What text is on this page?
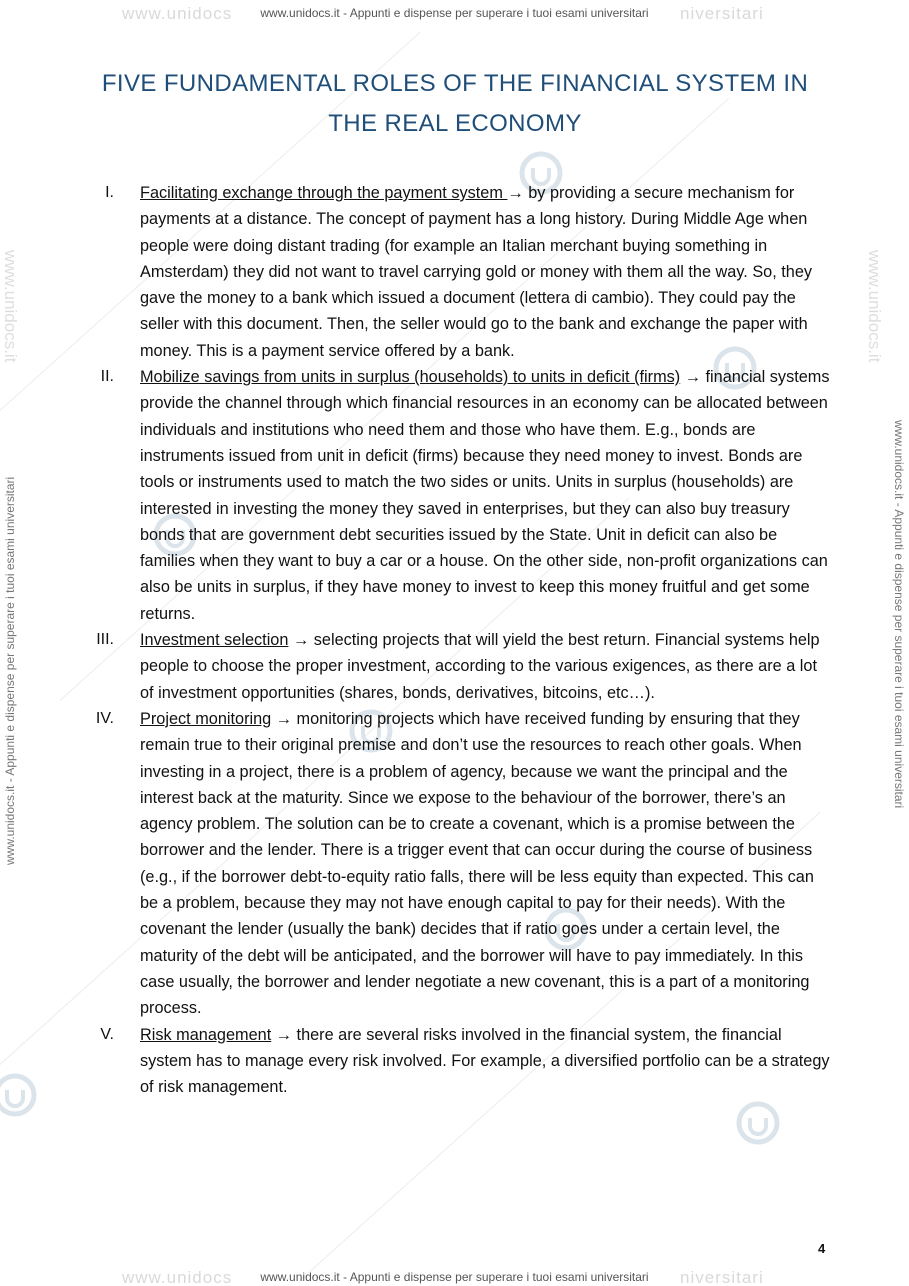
www.unidocs	niversitari
www.unidocs.it - Appunti e dispense per superare i tuoi esami universitari
www.unidocs.it - Appunti e dispense per superare i tuoi esami universitari	www.unidocs.it - Appunti e dispense per superare i tuoi esami universitari
www.unidocs.it	www.unidocs.it
FIVE FUNDAMENTAL ROLES OF THE FINANCIAL SYSTEM IN THE REAL ECONOMY
I. Facilitating exchange through the payment system → by providing a secure mechanism for payments at a distance. The concept of payment has a long history. During Middle Age when people were doing distant trading (for example an Italian merchant buying something in Amsterdam) they did not want to travel carrying gold or money with them all the way. So, they gave the money to a bank which issued a document (lettera di cambio). They could pay the seller with this document. Then, the seller would go to the bank and exchange the paper with money. This is a payment service offered by a bank.
II. Mobilize savings from units in surplus (households) to units in deficit (firms) → financial systems provide the channel through which financial resources in an economy can be allocated between individuals and institutions who need them and those who have them. E.g., bonds are instruments issued from unit in deficit (firms) because they need money to invest. Bonds are tools or instruments used to match the two sides or units. Units in surplus (households) are interested in investing the money they saved in enterprises, but they can also buy treasury bonds that are government debt securities issued by the State. Unit in deficit can also be families when they want to buy a car or a house. On the other side, non-profit organizations can also be units in surplus, if they have money to invest to keep this money fruitful and get some returns.
III. Investment selection → selecting projects that will yield the best return. Financial systems help people to choose the proper investment, according to the various exigences, as there are a lot of investment opportunities (shares, bonds, derivatives, bitcoins, etc…).
IV. Project monitoring → monitoring projects which have received funding by ensuring that they remain true to their original premise and don’t use the resources to reach other goals. When investing in a project, there is a problem of agency, because we want the principal and the interest back at the maturity. Since we expose to the behaviour of the borrower, there’s an agency problem. The solution can be to create a covenant, which is a promise between the borrower and the lender. There is a trigger event that can occur during the course of business (e.g., if the borrower debt-to-equity ratio falls, there will be less equity than expected. This can be a problem, because they may not have enough capital to pay for their needs). With the covenant the lender (usually the bank) decides that if ratio goes under a certain level, the maturity of the debt will be anticipated, and the borrower will have to pay immediately. In this case usually, the borrower and lender negotiate a new covenant, this is a part of a monitoring process.
V. Risk management → there are several risks involved in the financial system, the financial system has to manage every risk involved. For example, a diversified portfolio can be a strategy of risk management.
4
www.unidocs	niversitari
www.unidocs.it - Appunti e dispense per superare i tuoi esami universitari
